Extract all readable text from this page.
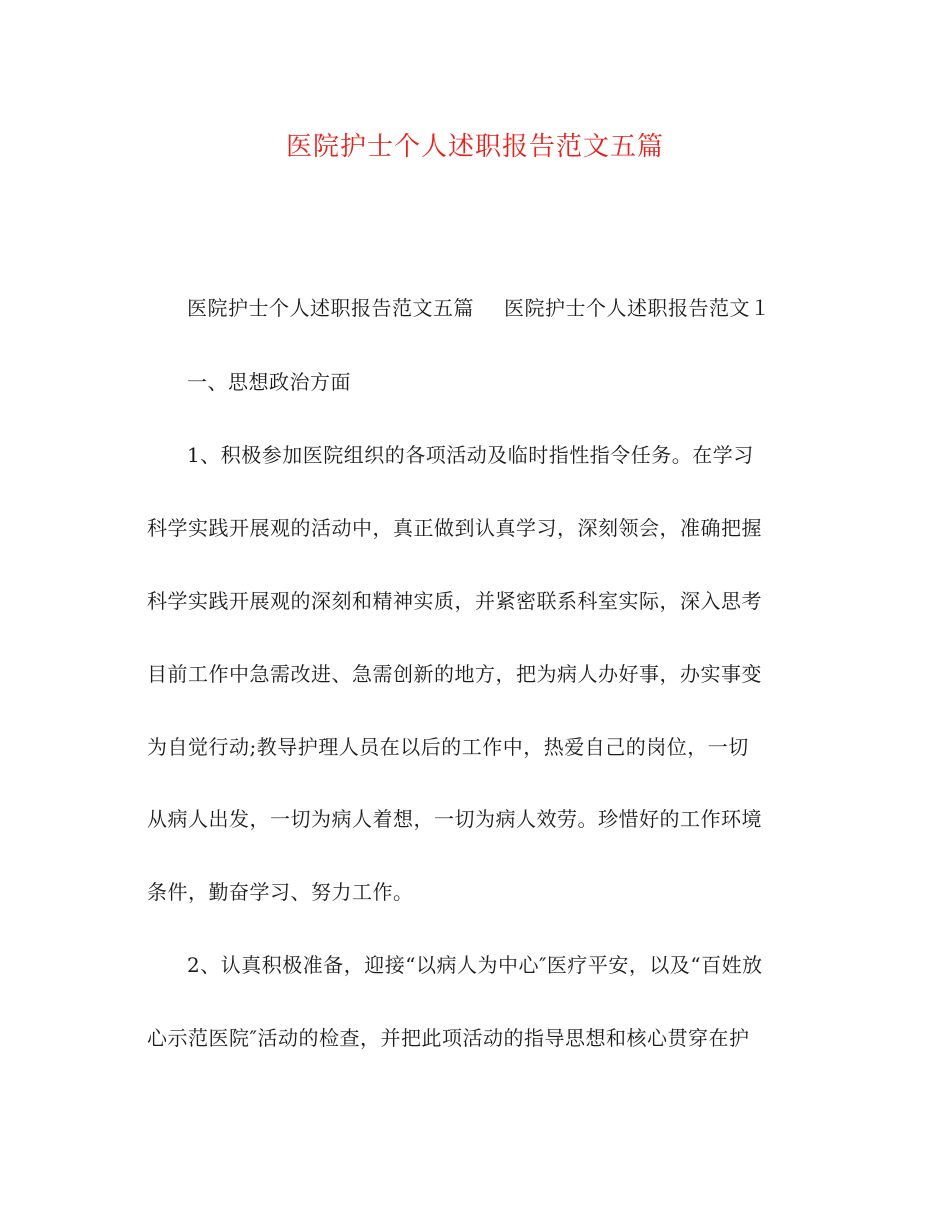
医院护士个人述职报告范文五篇
医院护士个人述职报告范文五篇 医院护士个人述职报告范文１
一、思想政治方面
1、积极参加医院组织的各项活动及临时指性指令任务。在学习
科学实践开展观的活动中，真正做到认真学习，深刻领会，准确把握
科学实践开展观的深刻和精神实质，并紧密联系科室实际，深入思考
目前工作中急需改进、急需创新的地方，把为病人办好事，办实事变
为自觉行动;教导护理人员在以后的工作中，热爱自己的岗位，一切
从病人出发，一切为病人着想，一切为病人效劳。珍惜好的工作环境
条件，勤奋学习、努力工作。
2、认真积极准备，迎接“以病人为中心″医疗平安，以及“百姓放
心示范医院″活动的检查，并把此项活动的指导思想和核心贯穿在护
